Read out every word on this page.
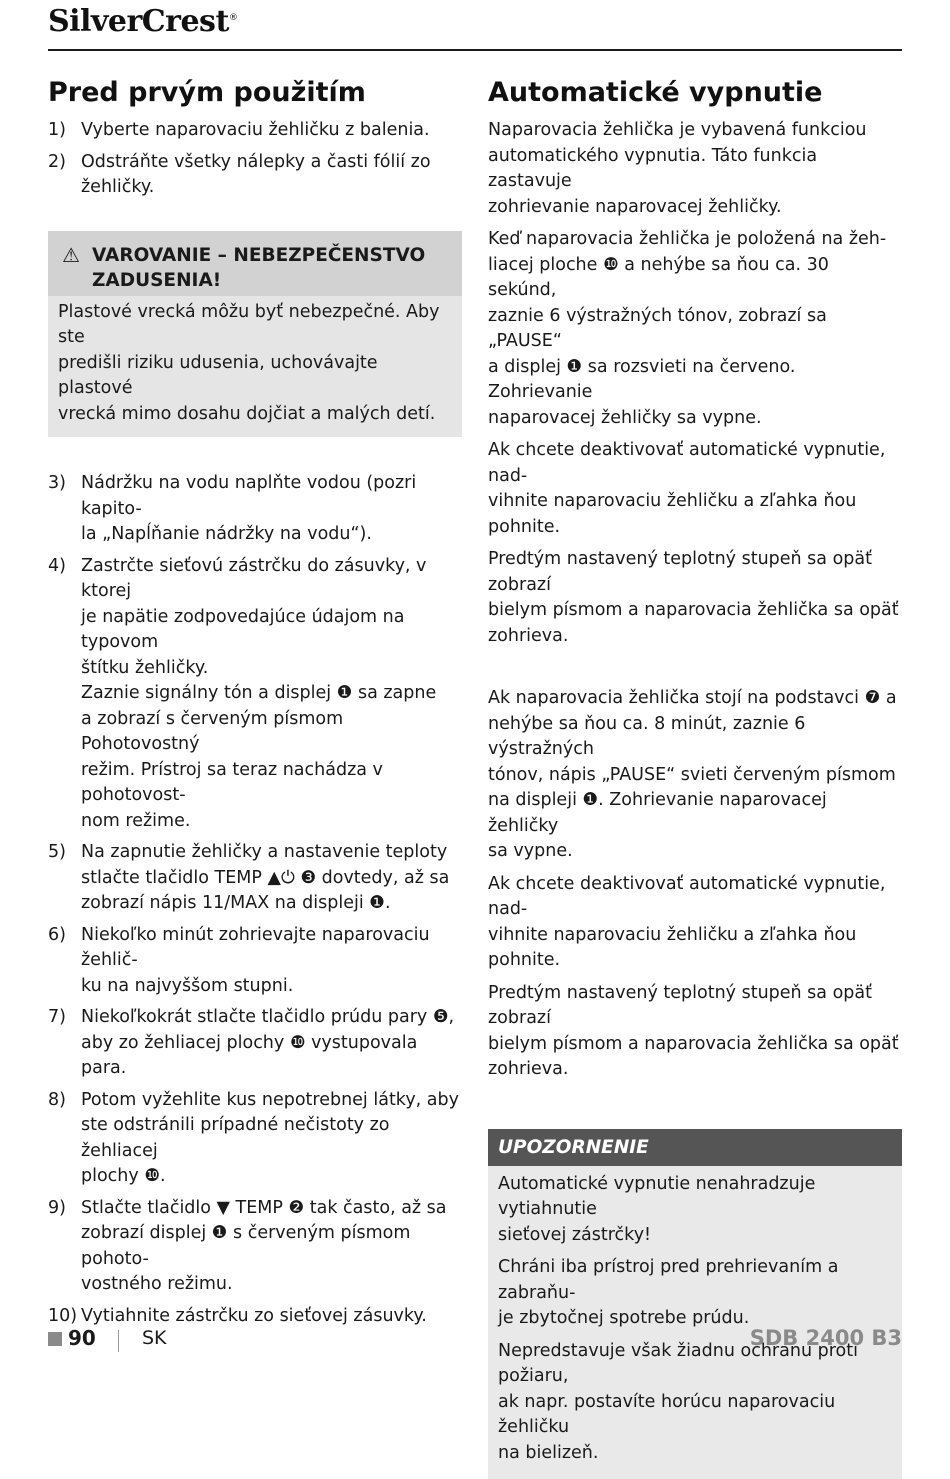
SilverCrest®
Pred prvým použitím
1) Vyberte naparovaciu žehličku z balenia.
2) Odstráňte všetky nálepky a časti fólií zo
žehličky.
⚠ VAROVANIE – NEBEZPEČENSTVO ZADUSENIA!
Plastové vrecká môžu byť nebezpečné. Aby ste
predišli riziku udusenia, uchovávajte plastové
vrecká mimo dosahu dojčiat a malých detí.
3) Nádržku na vodu naplňte vodou (pozri kapito-
la „Napĺňanie nádržky na vodu“).
4) Zastrčte sieťovú zástrčku do zásuvky, v ktorej
je napätie zodpovedajúce údajom na typovom
štítku žehličky.
Zaznie signálny tón a displej ❶ sa zapne
a zobrazí s červeným písmom Pohotovostný
režim. Prístroj sa teraz nachádza v pohotovost-
nom režime.
5) Na zapnutie žehličky a nastavenie teploty
stlačte tlačidlo TEMP ▲⏻ ❸ dovtedy, až sa
zobrazí nápis 11/MAX na displeji ❶.
6) Niekoľko minút zohrievajte naparovaciu žehlič-
ku na najvyššom stupni.
7) Niekoľkokrát stlačte tlačidlo prúdu pary ❺,
aby zo žehliacej plochy ❿ vystupovala para.
8) Potom vyžehlite kus nepotrebnej látky, aby
ste odstránili prípadné nečistoty zo žehliacej
plochy ❿.
9) Stlačte tlačidlo ▼ TEMP ❷ tak často, až sa
zobrazí displej ❶ s červeným písmom pohoto-
vostného režimu.
10) Vytiahnite zástrčku zo sieťovej zásuvky.
Automatické vypnutie

Naparovacia žehlička je vybavená funkciou
automatického vypnutia. Táto funkcia zastavuje
zohrievanie naparovacej žehličky.

Keď naparovacia žehlička je položená na žeh-
liacej ploche ❿ a nehýbe sa ňou ca. 30 sekúnd,
zaznie 6 výstražných tónov, zobrazí sa „PAUSE“
a displej ❶ sa rozsvieti na červeno. Zohrievanie
naparovacej žehličky sa vypne.

Ak chcete deaktivovať automatické vypnutie, nad-
vihnite naparovaciu žehličku a zľahka ňou pohnite.

Predtým nastavený teplotný stupeň sa opäť zobrazí
bielym písmom a naparovacia žehlička sa opäť
zohrieva.

Ak naparovacia žehlička stojí na podstavci ❼ a
nehýbe sa ňou ca. 8 minút, zaznie 6 výstražných
tónov, nápis „PAUSE“ svieti červeným písmom
na displeji ❶. Zohrievanie naparovacej žehličky
sa vypne.

Ak chcete deaktivovať automatické vypnutie, nad-
vihnite naparovaciu žehličku a zľahka ňou pohnite.

Predtým nastavený teplotný stupeň sa opäť zobrazí
bielym písmom a naparovacia žehlička sa opäť
zohrieva.

UPOZORNENIE

Automatické vypnutie nenahradzuje vytiahnutie
sieťovej zástrčky!

Chráni iba prístroj pred prehrievaním a zabraňu-
je zbytočnej spotrebe prúdu.

Nepredstavuje však žiadnu ochranu proti požiaru,
ak napr. postavíte horúcu naparovaciu žehličku
na bielizeň.

90 SK	SDB 2400 B3
